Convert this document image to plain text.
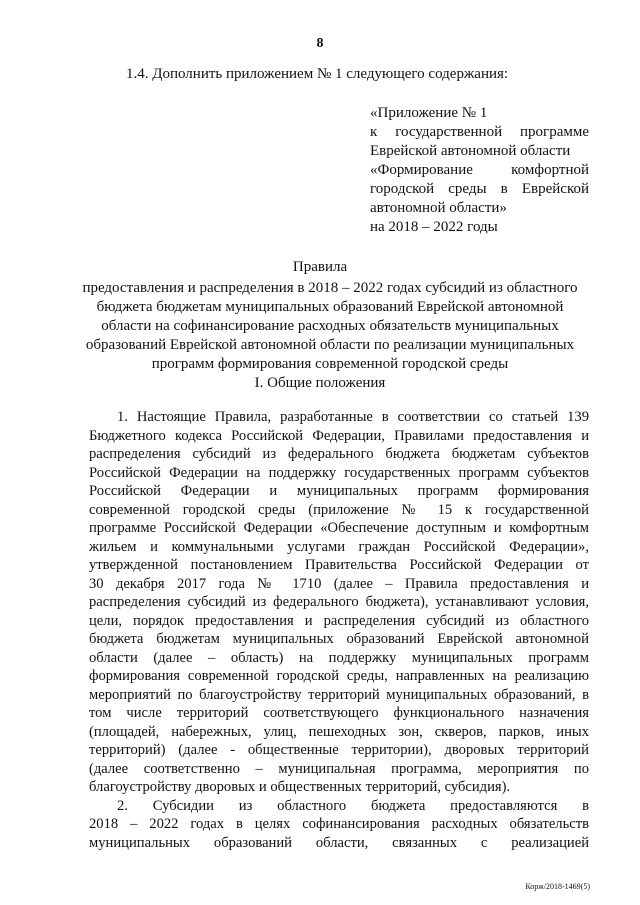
8
1.4. Дополнить приложением № 1 следующего содержания:
«Приложение № 1
к государственной программе
Еврейской автономной области
«Формирование комфортной
городской среды в Еврейской
автономной области»
на 2018 – 2022 годы
Правила
предоставления и распределения в 2018 – 2022 годах субсидий из областного
бюджета бюджетам муниципальных образований Еврейской автономной
области на софинансирование расходных обязательств муниципальных
образований Еврейской автономной области по реализации муниципальных
программ формирования современной городской среды
I. Общие положения
1. Настоящие Правила, разработанные в соответствии со статьей 139
Бюджетного кодекса Российской Федерации, Правилами предоставления и
распределения субсидий из федерального бюджета бюджетам субъектов
Российской Федерации на поддержку государственных программ субъектов
Российской Федерации и муниципальных программ формирования
современной городской среды (приложение № 15 к государственной
программе Российской Федерации «Обеспечение доступным и комфортным
жильем и коммунальными услугами граждан Российской Федерации»,
утвержденной постановлением Правительства Российской Федерации от
30 декабря 2017 года № 1710 (далее – Правила предоставления и
распределения субсидий из федерального бюджета), устанавливают условия,
цели, порядок предоставления и распределения субсидий из областного
бюджета бюджетам муниципальных образований Еврейской автономной
области (далее – область) на поддержку муниципальных программ
формирования современной городской среды, направленных на реализацию
мероприятий по благоустройству территорий муниципальных образований, в
том числе территорий соответствующего функционального назначения
(площадей, набережных, улиц, пешеходных зон, скверов, парков, иных
территорий) (далее - общественные территории), дворовых территорий
(далее соответственно – муниципальная программа, мероприятия по
благоустройству дворовых и общественных территорий, субсидия).
2. Субсидии из областного бюджета предоставляются в
2018 – 2022 годах в целях софинансирования расходных обязательств
муниципальных образований области, связанных с реализацией
Корж/2018-1469(5)
